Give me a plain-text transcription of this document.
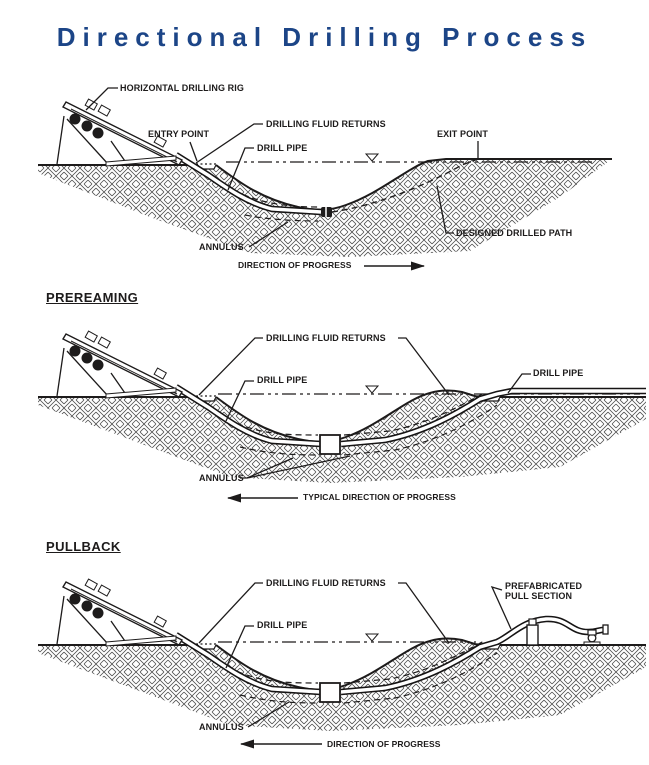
Directional Drilling Process
HORIZONTAL DRILLING RIG
ENTRY POINT
DRILLING FLUID RETURNS
DRILL PIPE
EXIT POINT
DESIGNED DRILLED PATH
ANNULUS
DIRECTION OF PROGRESS
PREREAMING
DRILLING FLUID RETURNS
DRILL PIPE
DRILL PIPE
ANNULUS
TYPICAL DIRECTION OF PROGRESS
PULLBACK
DRILLING FLUID RETURNS
DRILL PIPE
PREFABRICATED
PULL SECTION
ANNULUS
DIRECTION OF PROGRESS
